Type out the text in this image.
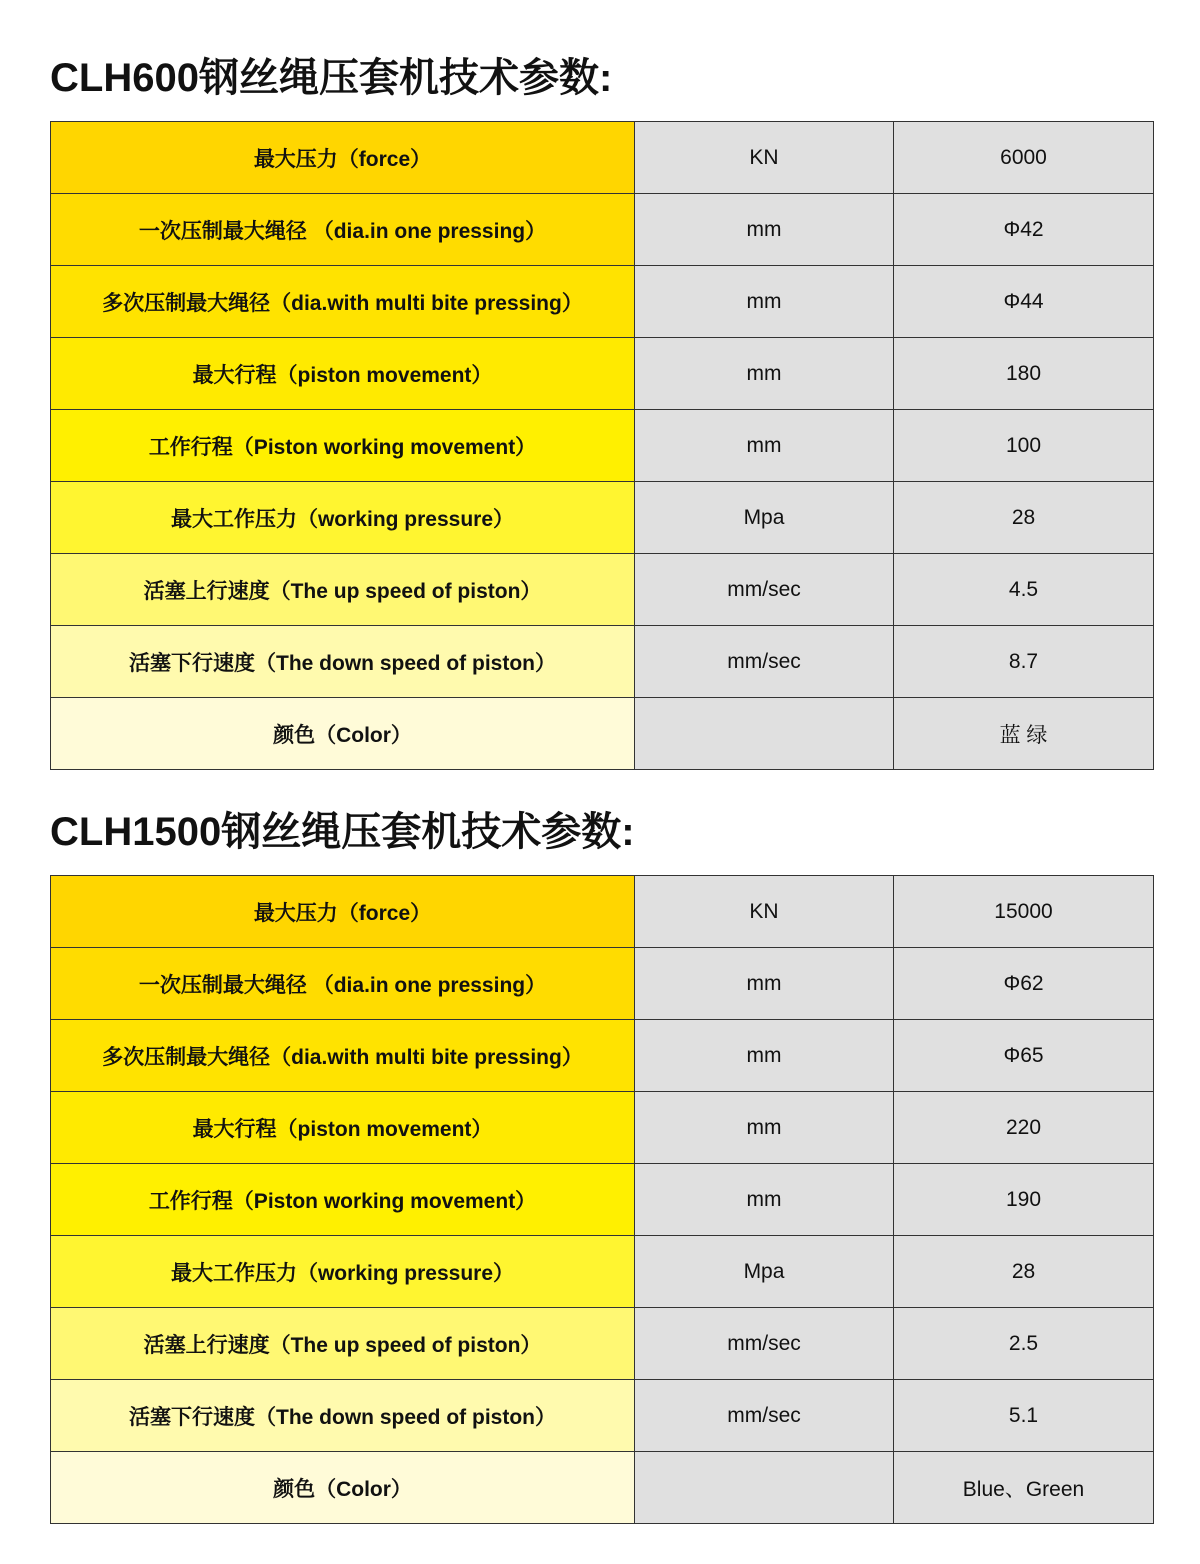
CLH600钢丝绳压套机技术参数:
最大压力（force）	KN	6000
一次压制最大绳径 （dia.in one pressing）	mm	Φ42
多次压制最大绳径（dia.with multi bite pressing）	mm	Φ44
最大行程（piston movement）	mm	180
工作行程（Piston working movement）	mm	100
最大工作压力（working pressure）	Mpa	28
活塞上行速度（The up speed of piston）	mm/sec	4.5
活塞下行速度（The down speed of piston）	mm/sec	8.7
颜色（Color）		蓝 绿
CLH1500钢丝绳压套机技术参数:
最大压力（force）	KN	15000
一次压制最大绳径 （dia.in one pressing）	mm	Φ62
多次压制最大绳径（dia.with multi bite pressing）	mm	Φ65
最大行程（piston movement）	mm	220
工作行程（Piston working movement）	mm	190
最大工作压力（working pressure）	Mpa	28
活塞上行速度（The up speed of piston）	mm/sec	2.5
活塞下行速度（The down speed of piston）	mm/sec	5.1
颜色（Color）		Blue、Green
